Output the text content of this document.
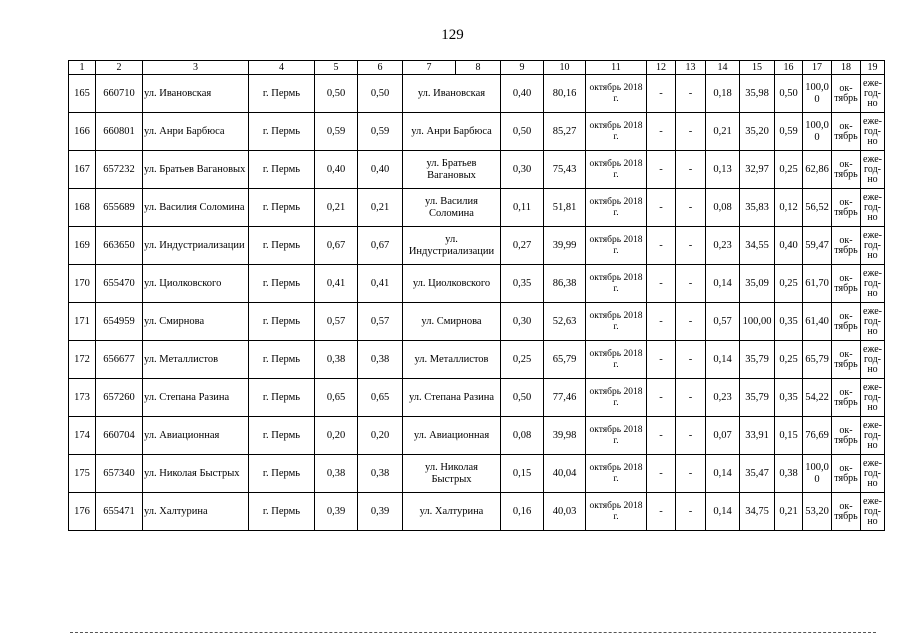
129
1	2	3	4	5	6	7	8	9	10	11	12	13	14	15	16	17	18	19
165	660710	ул. Ивановская	г. Пермь	0,50	0,50	ул. Ивановская		0,40	80,16	октябрь 2018 г.	-	-	0,18	35,98	0,50	100,0 0	ок-тябрь	еже-год-но
166	660801	ул. Анри Барбюса	г. Пермь	0,59	0,59	ул. Анри Барбюса		0,50	85,27	октябрь 2018 г.	-	-	0,21	35,20	0,59	100,0 0	ок-тябрь	еже-год-но
167	657232	ул. Братьев Вагановых	г. Пермь	0,40	0,40	ул. Братьев Вагановых		0,30	75,43	октябрь 2018 г.	-	-	0,13	32,97	0,25	62,86	ок-тябрь	еже-год-но
168	655689	ул. Василия Соломина	г. Пермь	0,21	0,21	ул. Василия Соломина		0,11	51,81	октябрь 2018 г.	-	-	0,08	35,83	0,12	56,52	ок-тябрь	еже-год-но
169	663650	ул. Индустриализации	г. Пермь	0,67	0,67	ул. Индустриализации		0,27	39,99	октябрь 2018 г.	-	-	0,23	34,55	0,40	59,47	ок-тябрь	еже-год-но
170	655470	ул. Циолковского	г. Пермь	0,41	0,41	ул. Циолковского		0,35	86,38	октябрь 2018 г.	-	-	0,14	35,09	0,25	61,70	ок-тябрь	еже-год-но
171	654959	ул. Смирнова	г. Пермь	0,57	0,57	ул. Смирнова		0,30	52,63	октябрь 2018 г.	-	-	0,57	100,00	0,35	61,40	ок-тябрь	еже-год-но
172	656677	ул. Металлистов	г. Пермь	0,38	0,38	ул. Металлистов		0,25	65,79	октябрь 2018 г.	-	-	0,14	35,79	0,25	65,79	ок-тябрь	еже-год-но
173	657260	ул. Степана Разина	г. Пермь	0,65	0,65	ул. Степана Разина		0,50	77,46	октябрь 2018 г.	-	-	0,23	35,79	0,35	54,22	ок-тябрь	еже-год-но
174	660704	ул. Авиационная	г. Пермь	0,20	0,20	ул. Авиационная		0,08	39,98	октябрь 2018 г.	-	-	0,07	33,91	0,15	76,69	ок-тябрь	еже-год-но
175	657340	ул. Николая Быстрых	г. Пермь	0,38	0,38	ул. Николая Быстрых		0,15	40,04	октябрь 2018 г.	-	-	0,14	35,47	0,38	100,0 0	ок-тябрь	еже-год-но
176	655471	ул. Халтурина	г. Пермь	0,39	0,39	ул. Халтурина		0,16	40,03	октябрь 2018 г.	-	-	0,14	34,75	0,21	53,20	ок-тябрь	еже-год-но
